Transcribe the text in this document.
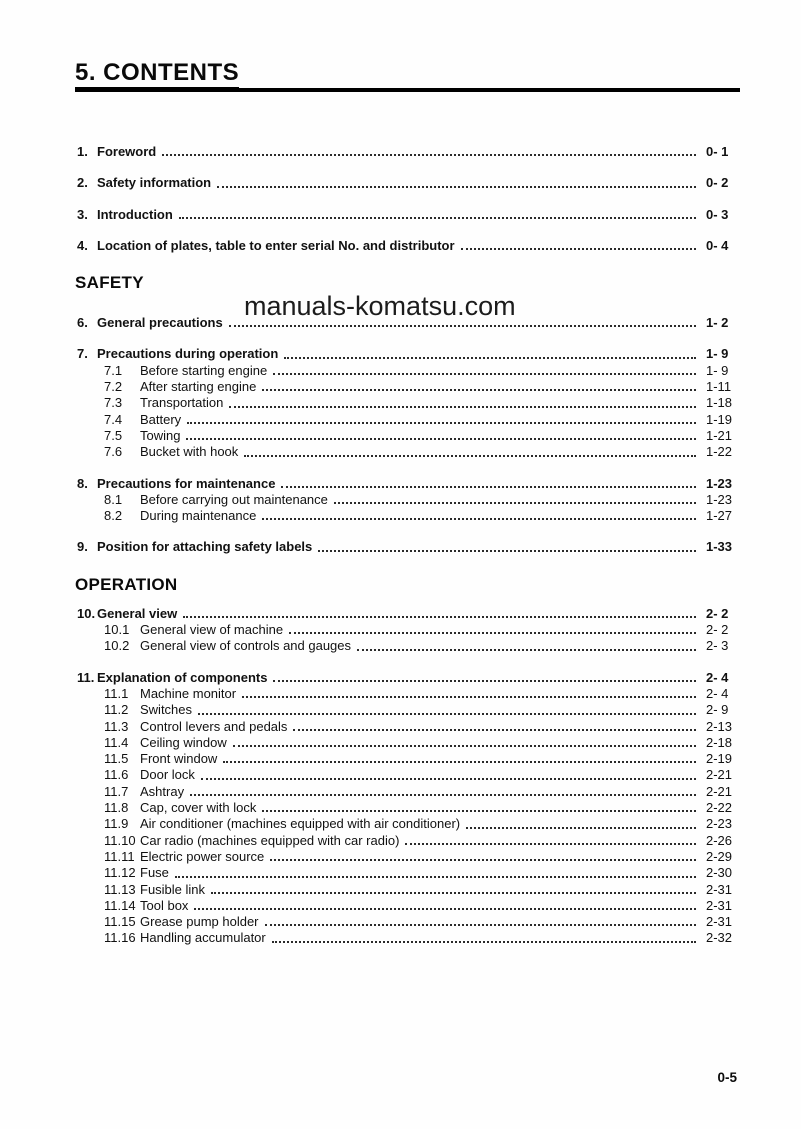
5. CONTENTS
1. Foreword	0- 1
2. Safety information	0- 2
3. Introduction	0- 3
4. Location of plates, table to enter serial No. and distributor	0- 4
SAFETY
6. General precautions	1- 2
7. Precautions during operation	1- 9
7.1	Before starting engine	1- 9
7.2	After starting engine	1-11
7.3	Transportation	1-18
7.4	Battery	1-19
7.5	Towing	1-21
7.6	Bucket with hook	1-22
8. Precautions for maintenance	1-23
8.1	Before carrying out maintenance	1-23
8.2	During maintenance	1-27
9. Position for attaching safety labels	1-33
OPERATION
10. General view	2- 2
10.1 General view of machine	2- 2
10.2 General view of controls and gauges	2- 3
11. Explanation of components	2- 4
11.1 Machine monitor	2- 4
11.2 Switches	2- 9
11.3 Control levers and pedals	2-13
11.4 Ceiling window	2-18
11.5 Front window	2-19
11.6 Door lock	2-21
11.7 Ashtray	2-21
11.8 Cap, cover with lock	2-22
11.9 Air conditioner (machines equipped with air conditioner)	2-23
11.10 Car radio (machines equipped with car radio)	2-26
11.11 Electric power source	2-29
11.12 Fuse	2-30
11.13 Fusible link	2-31
11.14 Tool box	2-31
11.15 Grease pump holder	2-31
11.16 Handling accumulator	2-32
manuals-komatsu.com
0-5
